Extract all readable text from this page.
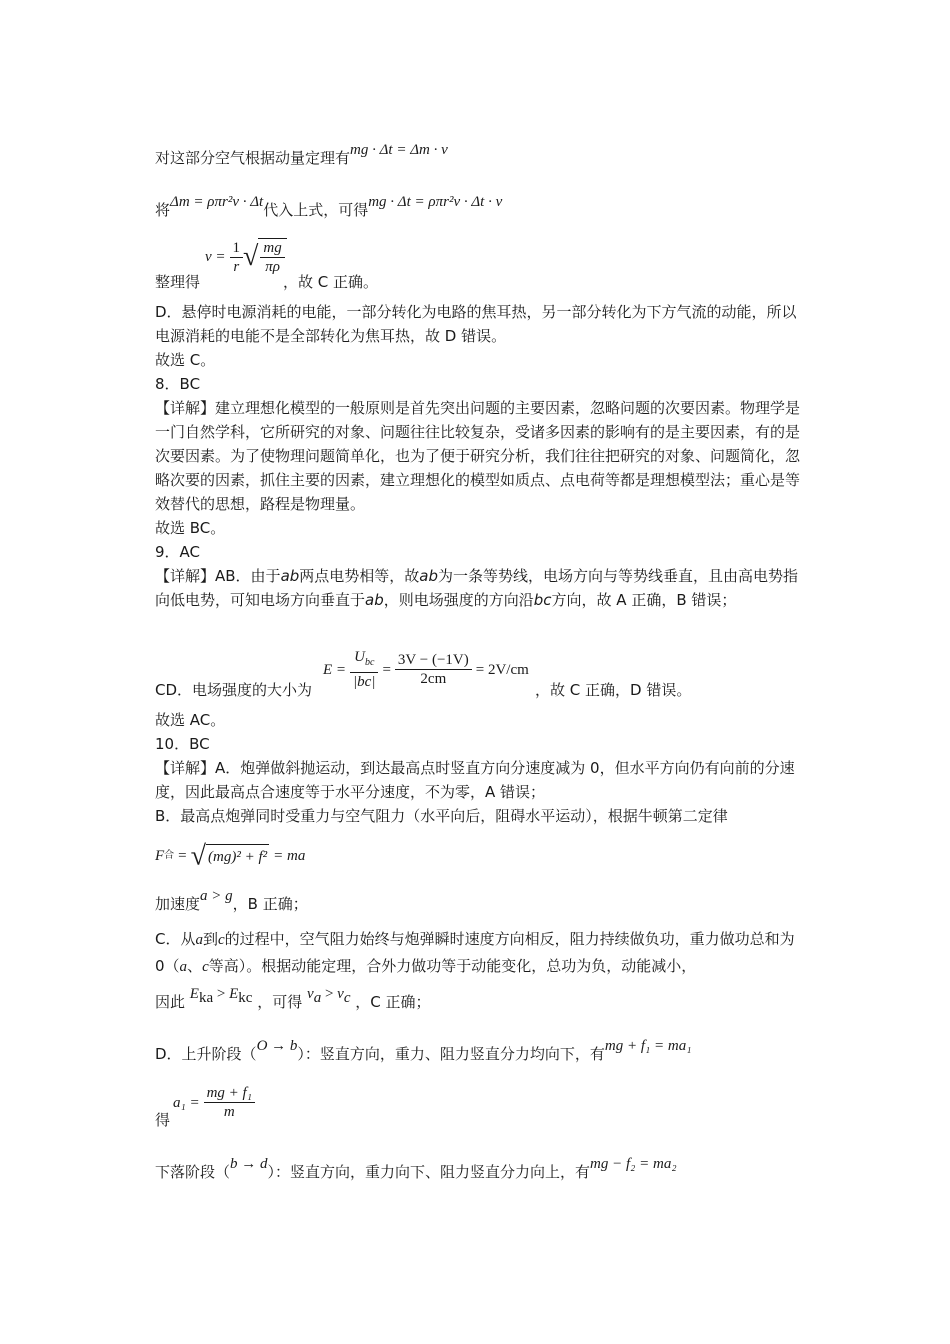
对这部分空气根据动量定理有mg · Δt = Δm · v
将Δm = ρπr²v · Δt代入上式，可得mg · Δt = ρπr²v · Δt · v
整理得
$v = \frac{1}{r}$ √ $\frac{mg}{\pi\rho}$
，故 C 正确。
D．悬停时电源消耗的电能，一部分转化为电路的焦耳热，另一部分转化为下方气流的动能，所以电源消耗的电能不是全部转化为焦耳热，故 D 错误。
故选 C。
8．BC
【详解】建立理想化模型的一般原则是首先突出问题的主要因素，忽略问题的次要因素。物理学是一门自然学科，它所研究的对象、问题往往比较复杂，受诸多因素的影响有的是主要因素，有的是次要因素。为了使物理问题简单化，也为了便于研究分析，我们往往把研究的对象、问题简化，忽略次要的因素，抓住主要的因素，建立理想化的模型如质点、点电荷等都是理想模型法；重心是等效替代的思想，路程是物理量。
故选 BC。
9．AC
【详解】AB．由于ab两点电势相等，故ab为一条等势线，电场方向与等势线垂直，且由高电势指向低电势，可知电场方向垂直于ab，则电场强度的方向沿bc方向，故 A 正确，B 错误；
CD．电场强度的大小为
$E = \frac{U_{bc}}{|bc|} = \frac{3V - (-1V)}{2cm} = 2V/cm$
，故 C 正确，D 错误。
故选 AC。
10．BC
【详解】A．炮弹做斜抛运动，到达最高点时竖直方向分速度减为 0，但水平方向仍有向前的分速度，因此最高点合速度等于水平分速度，不为零，A 错误；
B．最高点炮弹同时受重力与空气阻力（水平向后，阻碍水平运动），根据牛顿第二定律
F 合 = √ (mg)² + f² = ma
加速度a > g，B 正确；
C．从a到c的过程中，空气阻力始终与炮弹瞬时速度方向相反，阻力持续做负功，重力做功总和为 0（a、c等高）。根据动能定理，合外力做功等于动能变化，总功为负，动能减小，
因此 $E_{ka} > E_{kc}$ ，可得 $v_a > v_c$ ，C 正确；
D．上升阶段（O → b）：竖直方向，重力、阻力竖直分力均向下，有mg + f₁ = ma₁
得
$a_1 = \frac{\text{mg + f₁}}{m}$
下落阶段（b → d）：竖直方向，重力向下、阻力竖直分力向上，有mg − f₂ = ma₂
